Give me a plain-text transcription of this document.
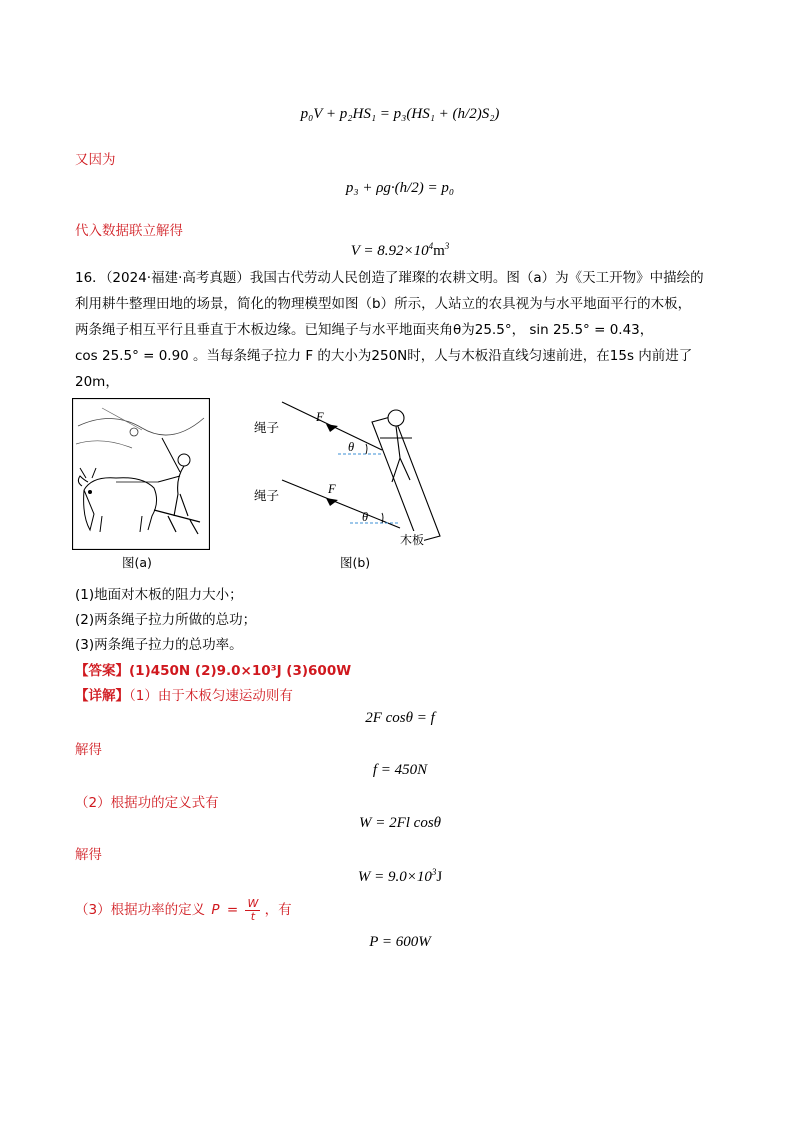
p₀V + p₂HS₁ = p₃(HS₁ + (h/2)S₂)
又因为
p₃ + ρg·(h/2) = p₀
代入数据联立解得
$V = 8.92\times 10^4m^3$
16．（2024·福建·高考真题）我国古代劳动人民创造了璀璨的农耕文明。图（a）为《天工开物》中描绘的
利用耕牛整理田地的场景，简化的物理模型如图（b）所示，人站立的农具视为与水平地面平行的木板，
两条绳子相互平行且垂直于木板边缘。已知绳子与水平地面夹角θ为25.5°， sin 25.5° = 0.43，
cos 25.5° = 0.90 。当每条绳子拉力 F 的大小为250N时，人与木板沿直线匀速前进，在15s 内前进了20m，
图(a)
绳子
绳子
F
F
θ
θ
木板
图(b)
(1)地面对木板的阻力大小；
(2)两条绳子拉力所做的总功；
(3)两条绳子拉力的总功率。
【答案】(1)450N (2)9.0×10³J (3)600W
【详解】（1）由于木板匀速运动则有
2F cosθ = f
解得
f = 450N
（2）根据功的定义式有
W = 2Fl cosθ
解得
$W = 9.0\times 10^3J$
（3）根据功率的定义 $P = \frac{W}{t}$ ，有
P = 600W
